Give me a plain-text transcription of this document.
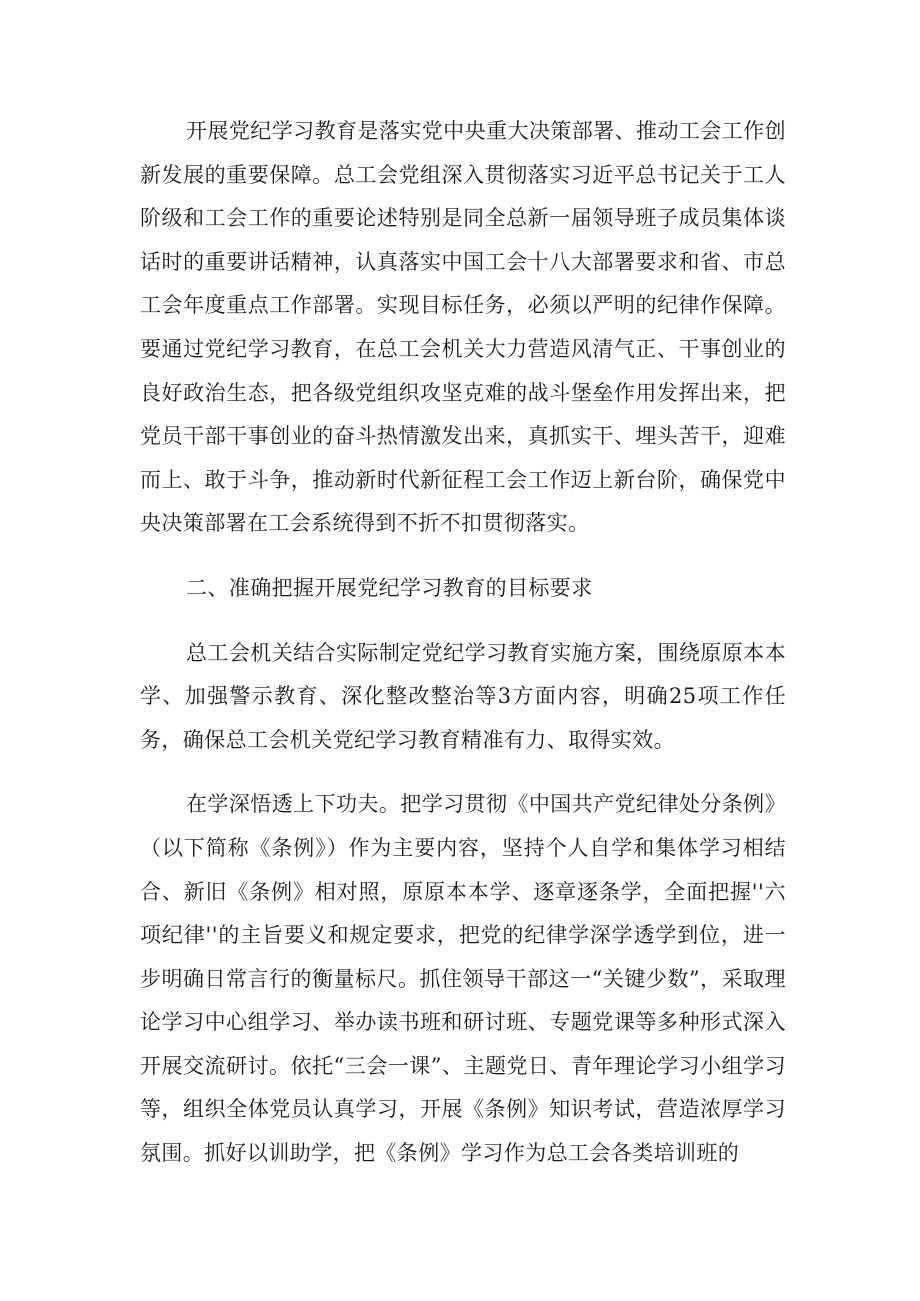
开展党纪学习教育是落实党中央重大决策部署、推动工会工作创新发展的重要保障。总工会党组深入贯彻落实习近平总书记关于工人阶级和工会工作的重要论述特别是同全总新一届领导班子成员集体谈话时的重要讲话精神，认真落实中国工会十八大部署要求和省、市总工会年度重点工作部署。实现目标任务，必须以严明的纪律作保障。要通过党纪学习教育，在总工会机关大力营造风清气正、干事创业的良好政治生态，把各级党组织攻坚克难的战斗堡垒作用发挥出来，把党员干部干事创业的奋斗热情激发出来，真抓实干、埋头苦干，迎难而上、敢于斗争，推动新时代新征程工会工作迈上新台阶，确保党中央决策部署在工会系统得到不折不扣贯彻落实。

二、准确把握开展党纪学习教育的目标要求

总工会机关结合实际制定党纪学习教育实施方案，围绕原原本本学、加强警示教育、深化整改整治等3方面内容，明确25项工作任务，确保总工会机关党纪学习教育精准有力、取得实效。

在学深悟透上下功夫。把学习贯彻《中国共产党纪律处分条例》（以下简称《条例》）作为主要内容，坚持个人自学和集体学习相结合、新旧《条例》相对照，原原本本学、逐章逐条学，全面把握''六项纪律''的主旨要义和规定要求，把党的纪律学深学透学到位，进一步明确日常言行的衡量标尺。抓住领导干部这一“关键少数”，采取理论学习中心组学习、举办读书班和研讨班、专题党课等多种形式深入开展交流研讨。依托“三会一课”、主题党日、青年理论学习小组学习等，组织全体党员认真学习，开展《条例》知识考试，营造浓厚学习氛围。抓好以训助学，把《条例》学习作为总工会各类培训班的
